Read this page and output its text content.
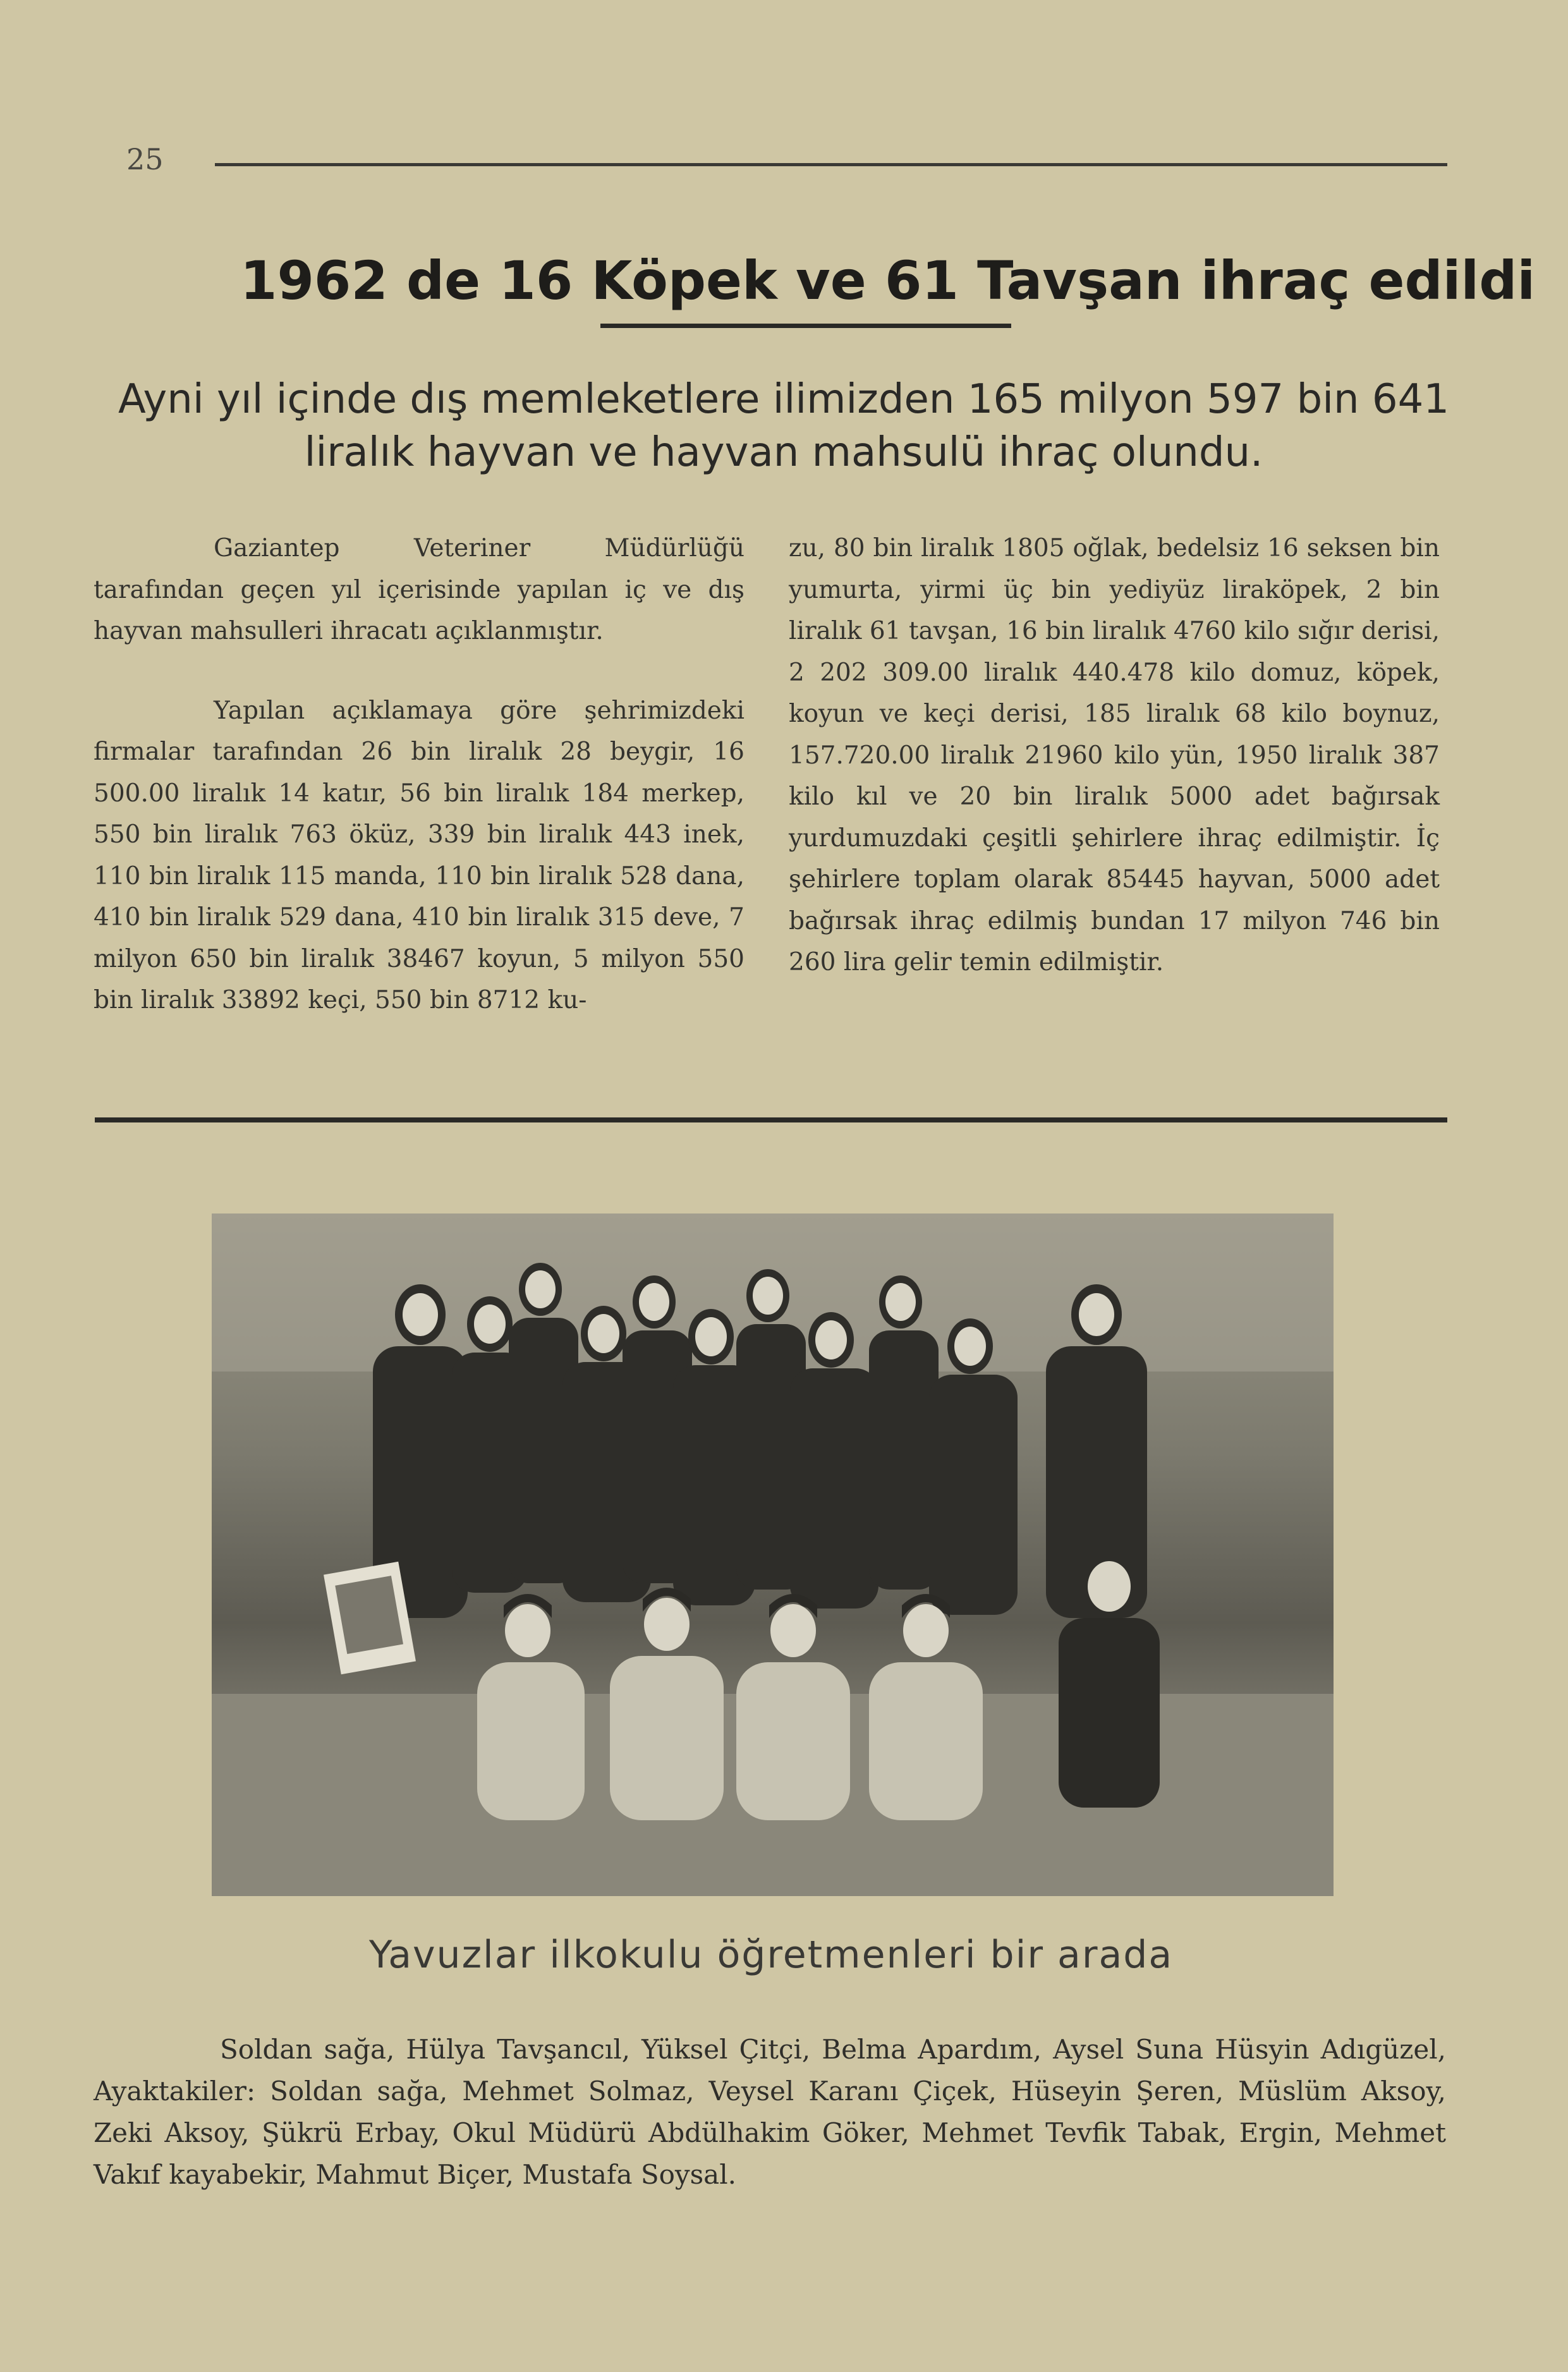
25
1962 de 16 Köpek ve 61 Tavşan ihraç edildi
Ayni yıl içinde dış memleketlere ilimizden 165 milyon 597 bin 641 liralık hayvan ve hayvan mahsulü ihraç olundu.

Gaziantep Veteriner Müdürlüğü tarafından geçen yıl içerisinde yapılan iç ve dış hayvan mahsulleri ihracatı açıklanmıştır.

Yapılan açıklamaya göre şehrimizdeki firmalar tarafından 26 bin liralık 28 beygir, 16 500.00 liralık 14 katır, 56 bin liralık 184 merkep, 550 bin liralık 763 öküz, 339 bin liralık 443 inek, 110 bin liralık 115 manda, 110 bin liralık 528 dana, 410 bin liralık 529 dana, 410 bin liralık 315 deve, 7 milyon 650 bin liralık 38467 koyun, 5 milyon 550 bin liralık 33892 keçi, 550 bin 8712 ku-

zu, 80 bin liralık 1805 oğlak, bedelsiz 16 seksen bin yumurta, yirmi üç bin yediyüz liraköpek, 2 bin liralık 61 tavşan, 16 bin liralık 4760 kilo sığır derisi, 2 202 309.00 liralık 440.478 kilo domuz, köpek, koyun ve keçi derisi, 185 liralık 68 kilo boynuz, 157.720.00 liralık 21960 kilo yün, 1950 liralık 387 kilo kıl ve 20 bin liralık 5000 adet bağırsak yurdumuzdaki çeşitli şehirlere ihraç edilmiştir. İç şehirlere toplam olarak 85445 hayvan, 5000 adet bağırsak ihraç edilmiş bundan 17 milyon 746 bin 260 lira gelir temin edilmiştir.

Yavuzlar ilkokulu öğretmenleri bir arada
Soldan sağa, Hülya Tavşancıl, Yüksel Çitçi, Belma Apardım, Aysel Suna Hüsyin Adıgüzel, Ayaktakiler: Soldan sağa, Mehmet Solmaz, Veysel Karanı Çiçek, Hüseyin Şeren, Müslüm Aksoy, Zeki Aksoy, Şükrü Erbay, Okul Müdürü Abdülhakim Göker, Mehmet Tevfik Tabak, Ergin, Mehmet Vakıf kayabekir, Mahmut Biçer, Mustafa Soysal.
